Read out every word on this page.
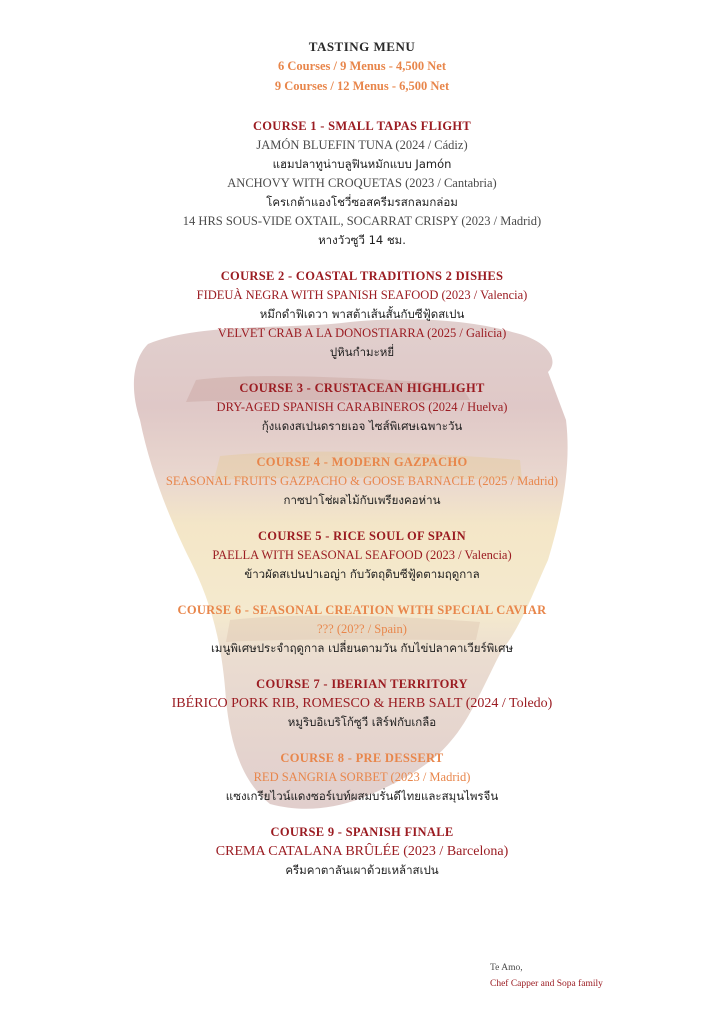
TASTING MENU
6 Courses / 9 Menus - 4,500 Net
9 Courses / 12 Menus - 6,500 Net
COURSE 1 - SMALL TAPAS FLIGHT
JAMÓN BLUEFIN TUNA (2024 / Cádiz)
แฮมปลาทูน่าบลูฟินหมักแบบ Jamón
ANCHOVY WITH CROQUETAS (2023 / Cantabria)
โครเกต้าแองโชวี่ซอสครีมรสกลมกล่อม
14 HRS SOUS-VIDE OXTAIL, SOCARRAT CRISPY (2023 / Madrid)
หางวัวซูวี 14 ชม.
COURSE 2 - COASTAL TRADITIONS 2 DISHES
FIDEUÀ NEGRA WITH SPANISH SEAFOOD (2023 / Valencia)
หมึกดำฟิเดวา พาสต้าเส้นสั้นกับซีฟู้ดสเปน
VELVET CRAB A LA DONOSTIARRA (2025 / Galicia)
ปูหินกำมะหยี่
COURSE 3 - CRUSTACEAN HIGHLIGHT
DRY-AGED SPANISH CARABINEROS (2024 / Huelva)
กุ้งแดงสเปนดรายเอจ ไซส์พิเศษเฉพาะวัน
COURSE 4 - MODERN GAZPACHO
SEASONAL FRUITS GAZPACHO & GOOSE BARNACLE (2025 / Madrid)
กาซปาโช่ผลไม้กับเพรียงคอห่าน
COURSE 5 - RICE SOUL OF SPAIN
PAELLA WITH SEASONAL SEAFOOD (2023 / Valencia)
ข้าวผัดสเปนปาเอญ่า กับวัตถุดิบซีฟู้ดตามฤดูกาล
COURSE 6 - SEASONAL CREATION WITH SPECIAL CAVIAR
??? (20?? / Spain)
เมนูพิเศษประจำฤดูกาล เปลี่ยนตามวัน กับไข่ปลาคาเวียร์พิเศษ
COURSE 7 - IBERIAN TERRITORY
IBÉRICO PORK RIB, ROMESCO & HERB SALT (2024 / Toledo)
หมูริบอิเบริโก้ซูวี เสิร์ฟกับเกลือ
COURSE 8 - PRE DESSERT
RED SANGRIA SORBET (2023 / Madrid)
แซงเกรียไวน์แดงซอร์เบท์ผสมบรั่นดีไทยและสมุนไพรจีน
COURSE 9 - SPANISH FINALE
CREMA CATALANA BRÛLÉE (2023 / Barcelona)
ครีมคาตาลันเผาด้วยเหล้าสเปน
Te Amo,
Chef Capper and Sopa family
